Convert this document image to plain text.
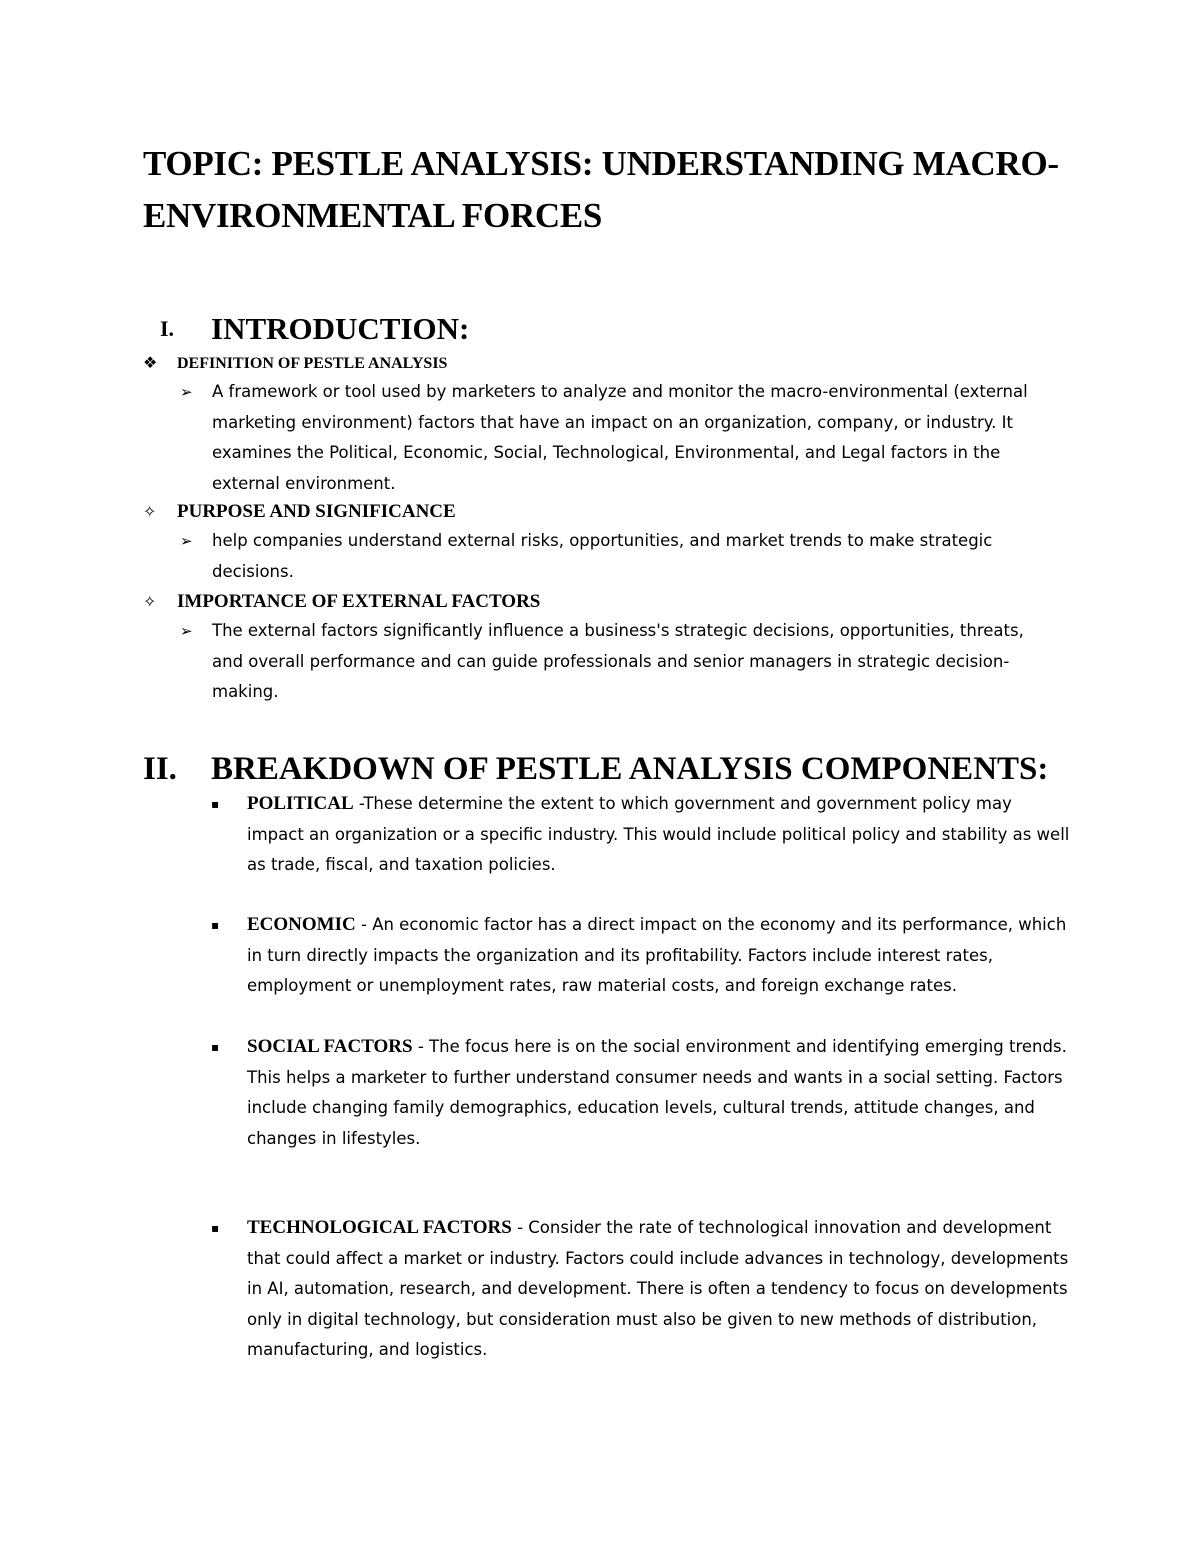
TOPIC: PESTLE ANALYSIS: UNDERSTANDING MACRO-ENVIRONMENTAL FORCES
I. INTRODUCTION:
❖ DEFINITION OF PESTLE ANALYSIS
➢ A framework or tool used by marketers to analyze and monitor the macro-environmental (external marketing environment) factors that have an impact on an organization, company, or industry. It examines the Political, Economic, Social, Technological, Environmental, and Legal factors in the external environment.
✧ PURPOSE AND SIGNIFICANCE
➢ help companies understand external risks, opportunities, and market trends to make strategic decisions.
✧ IMPORTANCE OF EXTERNAL FACTORS
➢ The external factors significantly influence a business's strategic decisions, opportunities, threats, and overall performance and can guide professionals and senior managers in strategic decision-making.
II. BREAKDOWN OF PESTLE ANALYSIS COMPONENTS:
▪ POLITICAL -These determine the extent to which government and government policy may impact an organization or a specific industry. This would include political policy and stability as well as trade, fiscal, and taxation policies.
▪ ECONOMIC - An economic factor has a direct impact on the economy and its performance, which in turn directly impacts the organization and its profitability. Factors include interest rates, employment or unemployment rates, raw material costs, and foreign exchange rates.
▪ SOCIAL FACTORS - The focus here is on the social environment and identifying emerging trends. This helps a marketer to further understand consumer needs and wants in a social setting. Factors include changing family demographics, education levels, cultural trends, attitude changes, and changes in lifestyles.
▪ TECHNOLOGICAL FACTORS - Consider the rate of technological innovation and development that could affect a market or industry. Factors could include advances in technology, developments in AI, automation, research, and development. There is often a tendency to focus on developments only in digital technology, but consideration must also be given to new methods of distribution, manufacturing, and logistics.
